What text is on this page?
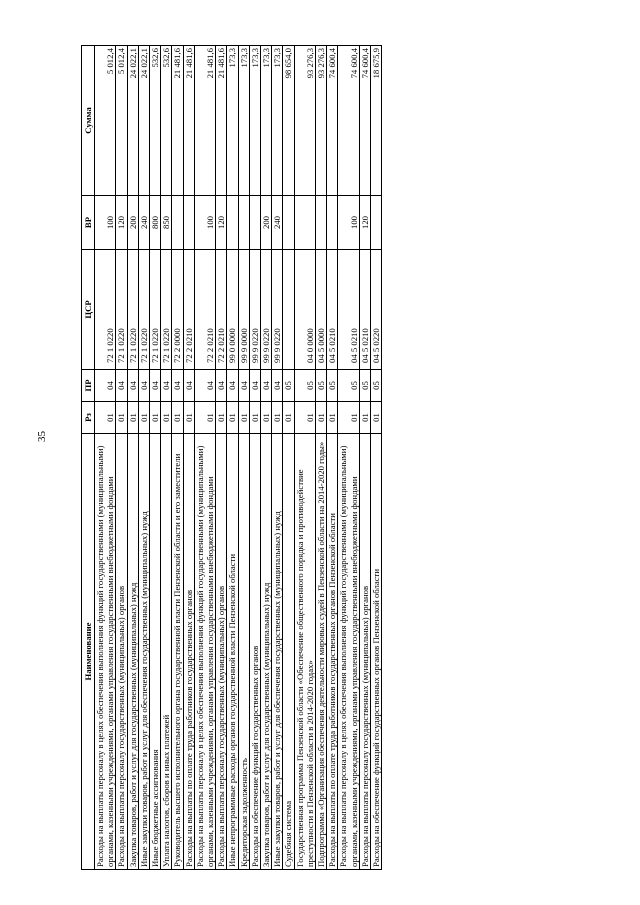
35
Наименование	Рз	ПР	ЦСР	ВР	Сумма
Расходы на выплаты персоналу в целях обеспечения выполнения функций государственными (муниципальными) органами, казенными учреждениями, органами управления государственными внебюджетными фондами	01	04	72 1 0220	100	5 012,4
Расходы на выплаты персоналу государственных (муниципальных) органов	01	04	72 1 0220	120	5 012,4
Закупка товаров, работ и услуг для государственных (муниципальных) нужд	01	04	72 1 0220	200	24 022,1
Иные закупки товаров, работ и услуг для обеспечения государственных (муниципальных) нужд	01	04	72 1 0220	240	24 022,1
Иные бюджетные ассигнования	01	04	72 1 0220	800	532,6
Уплата налогов, сборов и иных платежей	01	04	72 1 0220	850	532,6
Руководитель высшего исполнительного органа государственной власти Пензенской области и его заместители	01	04	72 2 0000		21 481,6
Расходы на выплаты по оплате труда работников государственных органов	01	04	72 2 0210		21 481,6
Расходы на выплаты персоналу в целях обеспечения выполнения функций государственными (муниципальными) органами, казенными учреждениями, органами управления государственными внебюджетными фондами	01	04	72 2 0210	100	21 481,6
Расходы на выплаты персоналу государственных (муниципальных) органов	01	04	72 2 0210	120	21 481,6
Иные непрограммные расходы органов государственной власти Пензенской области	01	04	99 0 0000		173,3
Кредиторская задолженность	01	04	99 9 0000		173,3
Расходы на обеспечение функций государственных органов	01	04	99 9 0220		173,3
Закупка товаров, работ и услуг для государственных (муниципальных) нужд	01	04	99 9 0220	200	173,3
Иные закупки товаров, работ и услуг для обеспечения государственных (муниципальных) нужд	01	04	99 9 0220	240	173,3
Судебная система	01	05			98 654,0
Государственная программа Пензенской области «Обеспечение общественного порядка и противодействие преступности в Пензенской области в 2014-2020 годах»	01	05	04 0 0000		93 276,3
Подпрограмма «Организация обеспечения деятельности мировых судей в Пензенской области на 2014-2020 годы»	01	05	04 5 0000		93 276,3
Расходы на выплаты по оплате труда работников государственных органов Пензенской области	01	05	04 5 0210		74 600,4
Расходы на выплаты персоналу в целях обеспечения выполнения функций государственными (муниципальными) органами, казенными учреждениями, органами управления государственными внебюджетными фондами	01	05	04 5 0210	100	74 600,4
Расходы на выплаты персоналу государственных (муниципальных) органов	01	05	04 5 0210	120	74 600,4
Расходы на обеспечение функций государственных органов Пензенской области	01	05	04 5 0220		18 675,9
